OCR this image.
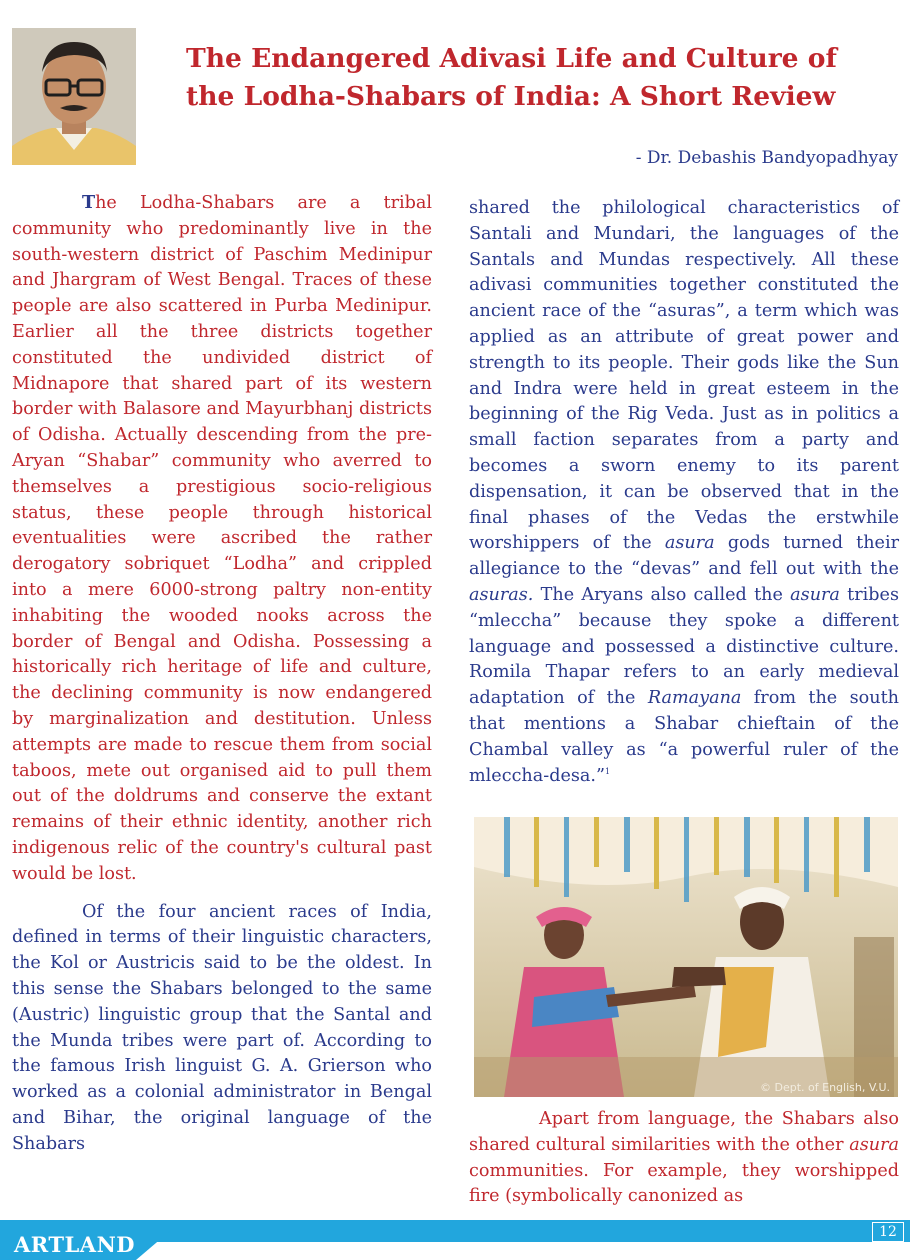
The Endangered Adivasi Life and Culture of the Lodha-Shabars of India: A Short Review
- Dr. Debashis Bandyopadhyay

The Lodha-Shabars are a tribal community who predominantly live in the south-western district of Paschim Medinipur and Jhargram of West Bengal. Traces of these people are also scattered in Purba Medinipur. Earlier all the three districts together constituted the undivided district of Midnapore that shared part of its western border with Balasore and Mayurbhanj districts of Odisha. Actually descending from the pre-Aryan “Shabar” community who averred to themselves a prestigious socio-religious status, these people through historical eventualities were ascribed the rather derogatory sobriquet “Lodha” and crippled into a mere 6000-strong paltry non-entity inhabiting the wooded nooks across the border of Bengal and Odisha. Possessing a historically rich heritage of life and culture, the declining community is now endangered by marginalization and destitution. Unless attempts are made to rescue them from social taboos, mete out organised aid to pull them out of the doldrums and conserve the extant remains of their ethnic identity, another rich indigenous relic of the country's cultural past would be lost.

Of the four ancient races of India, defined in terms of their linguistic characters, the Kol or Austricis said to be the oldest. In this sense the Shabars belonged to the same (Austric) linguistic group that the Santal and the Munda tribes were part of. According to the famous Irish linguist G. A. Grierson who worked as a colonial administrator in Bengal and Bihar, the original language of the Shabars

shared the philological characteristics of Santali and Mundari, the languages of the Santals and Mundas respectively. All these adivasi communities together constituted the ancient race of the “asuras”, a term which was applied as an attribute of great power and strength to its people. Their gods like the Sun and Indra were held in great esteem in the beginning of the Rig Veda. Just as in politics a small faction separates from a party and becomes a sworn enemy to its parent dispensation, it can be observed that in the final phases of the Vedas the erstwhile worshippers of the asura gods turned their allegiance to the “devas” and fell out with the asuras. The Aryans also called the asura tribes “mleccha” because they spoke a different language and possessed a distinctive culture. Romila Thapar refers to an early medieval adaptation of the Ramayana from the south that mentions a Shabar chieftain of the Chambal valley as “a powerful ruler of the mleccha-desa.”$^1$

© Dept. of English, V.U.

Apart from language, the Shabars also shared cultural similarities with the other asura communities. For example, they worshipped fire (symbolically canonized as

ARTLAND	12
